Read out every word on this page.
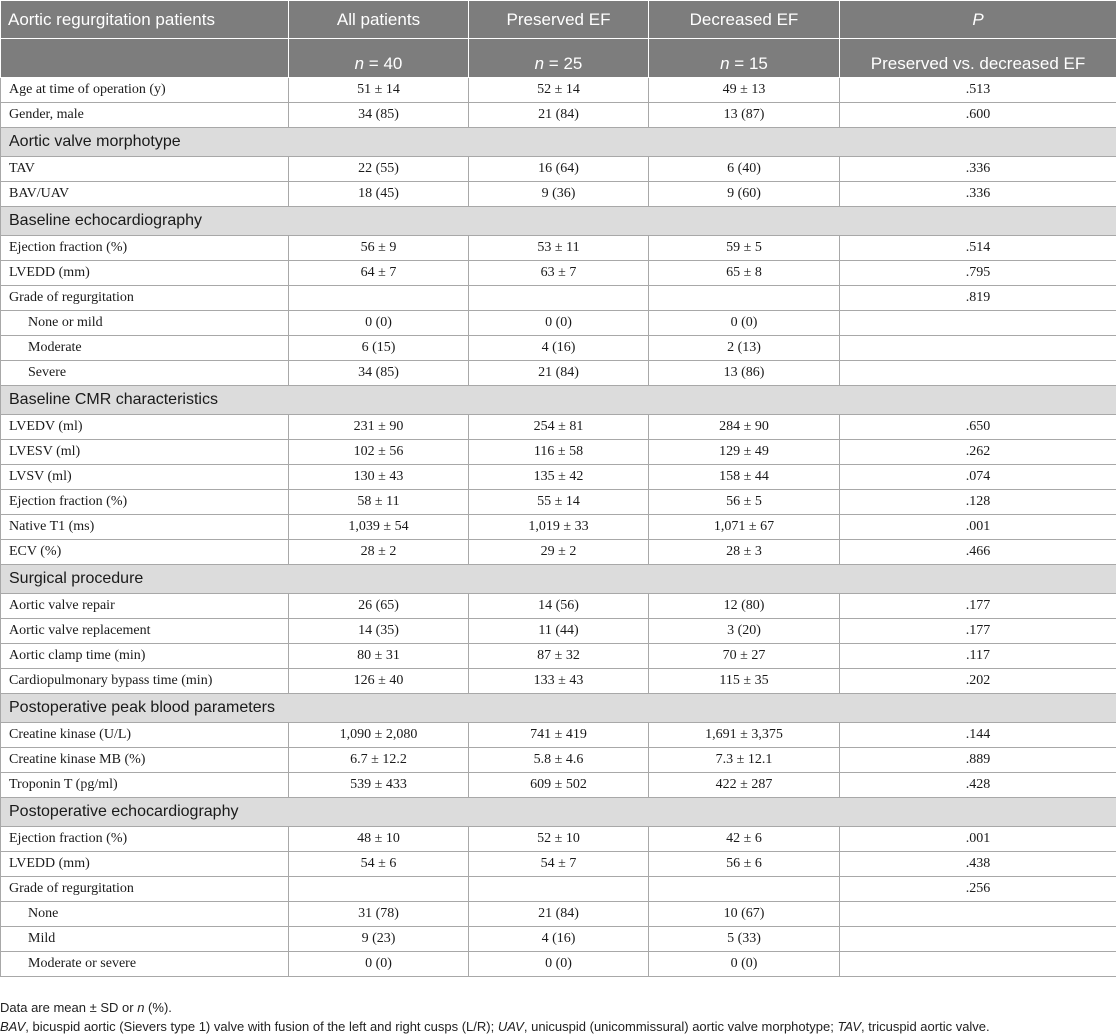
Aortic regurgitation patients	All patients	Preserved EF	Decreased EF	P
	n = 40	n = 25	n = 15	Preserved vs. decreased EF
Age at time of operation (y)	51 ± 14	52 ± 14	49 ± 13	.513
Gender, male	34 (85)	21 (84)	13 (87)	.600
Aortic valve morphotype				
TAV	22 (55)	16 (64)	6 (40)	.336
BAV/UAV	18 (45)	9 (36)	9 (60)	.336
Baseline echocardiography				
Ejection fraction (%)	56 ± 9	53 ± 11	59 ± 5	.514
LVEDD (mm)	64 ± 7	63 ± 7	65 ± 8	.795
Grade of regurgitation				.819
None or mild	0 (0)	0 (0)	0 (0)	
Moderate	6 (15)	4 (16)	2 (13)	
Severe	34 (85)	21 (84)	13 (86)	
Baseline CMR characteristics				
LVEDV (ml)	231 ± 90	254 ± 81	284 ± 90	.650
LVESV (ml)	102 ± 56	116 ± 58	129 ± 49	.262
LVSV (ml)	130 ± 43	135 ± 42	158 ± 44	.074
Ejection fraction (%)	58 ± 11	55 ± 14	56 ± 5	.128
Native T1 (ms)	1,039 ± 54	1,019 ± 33	1,071 ± 67	.001
ECV (%)	28 ± 2	29 ± 2	28 ± 3	.466
Surgical procedure				
Aortic valve repair	26 (65)	14 (56)	12 (80)	.177
Aortic valve replacement	14 (35)	11 (44)	3 (20)	.177
Aortic clamp time (min)	80 ± 31	87 ± 32	70 ± 27	.117
Cardiopulmonary bypass time (min)	126 ± 40	133 ± 43	115 ± 35	.202
Postoperative peak blood parameters				
Creatine kinase (U/L)	1,090 ± 2,080	741 ± 419	1,691 ± 3,375	.144
Creatine kinase MB (%)	6.7 ± 12.2	5.8 ± 4.6	7.3 ± 12.1	.889
Troponin T (pg/ml)	539 ± 433	609 ± 502	422 ± 287	.428
Postoperative echocardiography				
Ejection fraction (%)	48 ± 10	52 ± 10	42 ± 6	.001
LVEDD (mm)	54 ± 6	54 ± 7	56 ± 6	.438
Grade of regurgitation				.256
None	31 (78)	21 (84)	10 (67)	
Mild	9 (23)	4 (16)	5 (33)	
Moderate or severe	0 (0)	0 (0)	0 (0)	
Data are mean ± SD or n (%).
BAV, bicuspid aortic (Sievers type 1) valve with fusion of the left and right cusps (L/R); UAV, unicuspid (unicommissural) aortic valve morphotype; TAV, tricuspid aortic valve.
